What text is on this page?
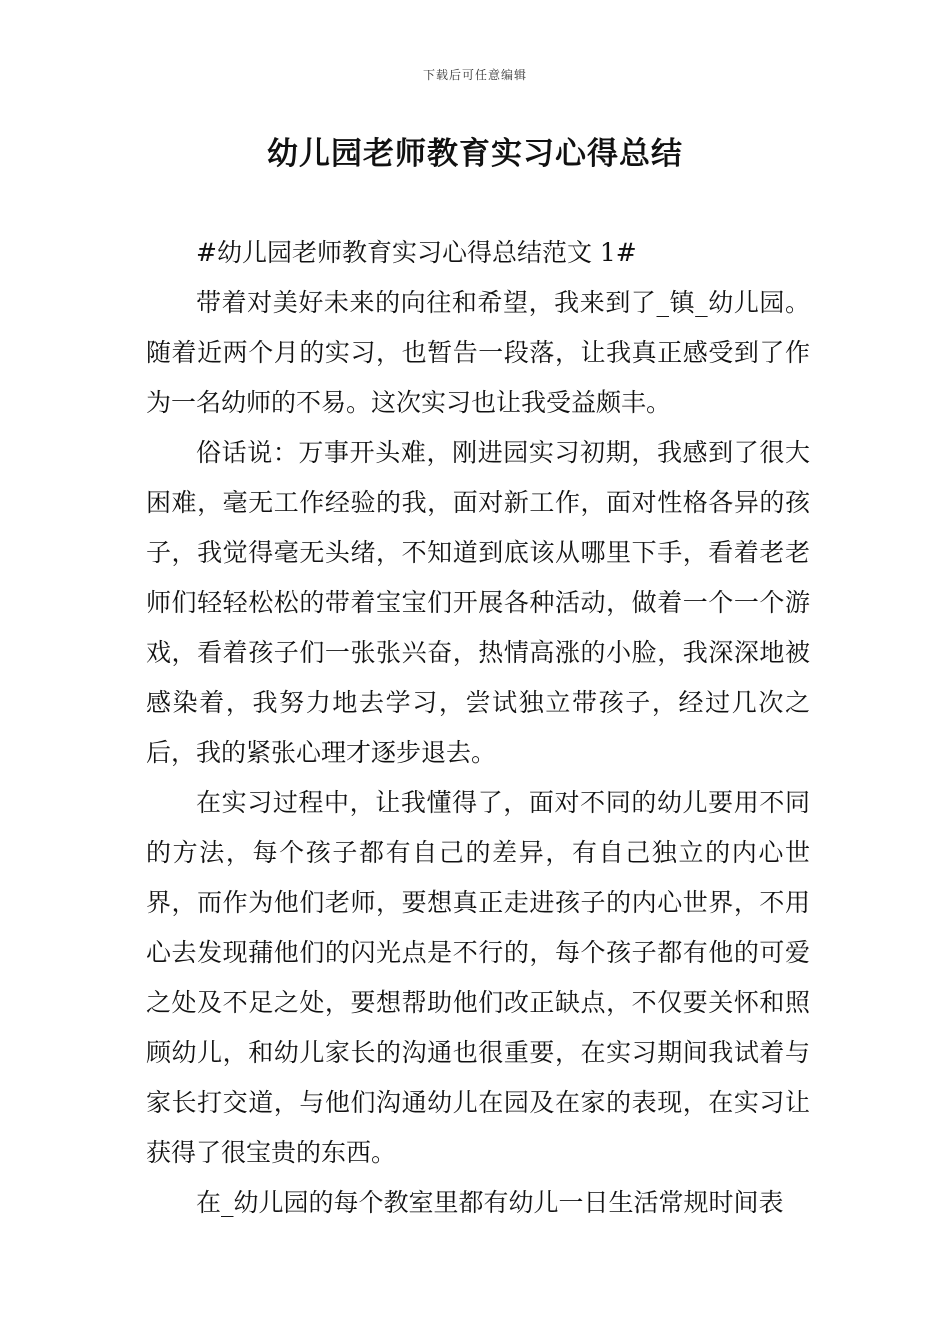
下载后可任意编辑
幼儿园老师教育实习心得总结

#幼儿园老师教育实习心得总结范文 1#

带着对美好未来的向往和希望，我来到了_镇_幼儿园。随着近两个月的实习，也暂告一段落，让我真正感受到了作为一名幼师的不易。这次实习也让我受益颇丰。

俗话说：万事开头难，刚进园实习初期，我感到了很大困难，毫无工作经验的我，面对新工作，面对性格各异的孩子，我觉得毫无头绪，不知道到底该从哪里下手，看着老老师们轻轻松松的带着宝宝们开展各种活动，做着一个一个游戏，看着孩子们一张张兴奋，热情高涨的小脸，我深深地被感染着，我努力地去学习，尝试独立带孩子，经过几次之后，我的紧张心理才逐步退去。

在实习过程中，让我懂得了，面对不同的幼儿要用不同的方法，每个孩子都有自己的差异，有自己独立的内心世界，而作为他们老师，要想真正走进孩子的内心世界，不用心去发现蒱他们的闪光点是不行的，每个孩子都有他的可爱之处及不足之处，要想帮助他们改正缺点，不仅要关怀和照顾幼儿，和幼儿家长的沟通也很重要，在实习期间我试着与家长打交道，与他们沟通幼儿在园及在家的表现，在实习让获得了很宝贵的东西。

在_幼儿园的每个教室里都有幼儿一日生活常规时间表
